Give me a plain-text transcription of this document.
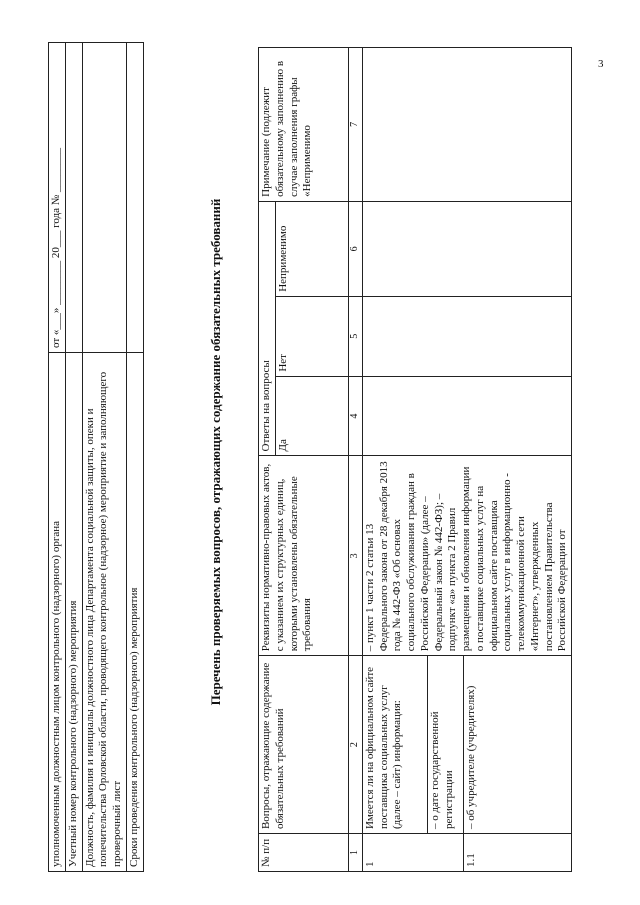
3
уполномоченным должностным лицом контрольного (надзорного) органа	от «___» ________ 20___ года № ________
Учетный номер контрольного (надзорного) мероприятия	
Должность, фамилия и инициалы должностного лица Департамента социальной защиты, опеки и попечительства Орловской области, проводящего контрольное (надзорное) мероприятие и заполняющего проверочный лист	
Сроки проведения контрольного (надзорного) мероприятия	
Перечень проверяемых вопросов, отражающих содержание обязательных требований
№ п/п	Вопросы, отражающие содержание обязательных требований	Реквизиты нормативно-правовых актов, с указанием их структурных единиц, которыми установлены обязательные требования	Ответы на вопросы			Примечание (подлежит обязательному заполнению в случае заполнения графы «Неприменимо
			Да	Нет	Неприменимо	
1	2	3	4	5	6	7
1	Имеется ли на официальном сайте поставщика социальных услуг (далее – сайт) информация:	– пункт 1 части 2 статьи 13 Федерального закона от 28 декабря 2013 года № 442-ФЗ «Об основах социального обслуживания граждан в Российской Федерации» (далее – Федеральный закон № 442-ФЗ); – подпункт «а» пункта 2 Правил размещения и обновления информации о поставщике социальных услуг на официальном сайте поставщика социальных услуг в информационно - телекоммуникационной сети «Интернет», утвержденных постановлением Правительства Российской Федерации от				
	– о дате государственной регистрации					
1.1	– об учредителе (учредителях)					
